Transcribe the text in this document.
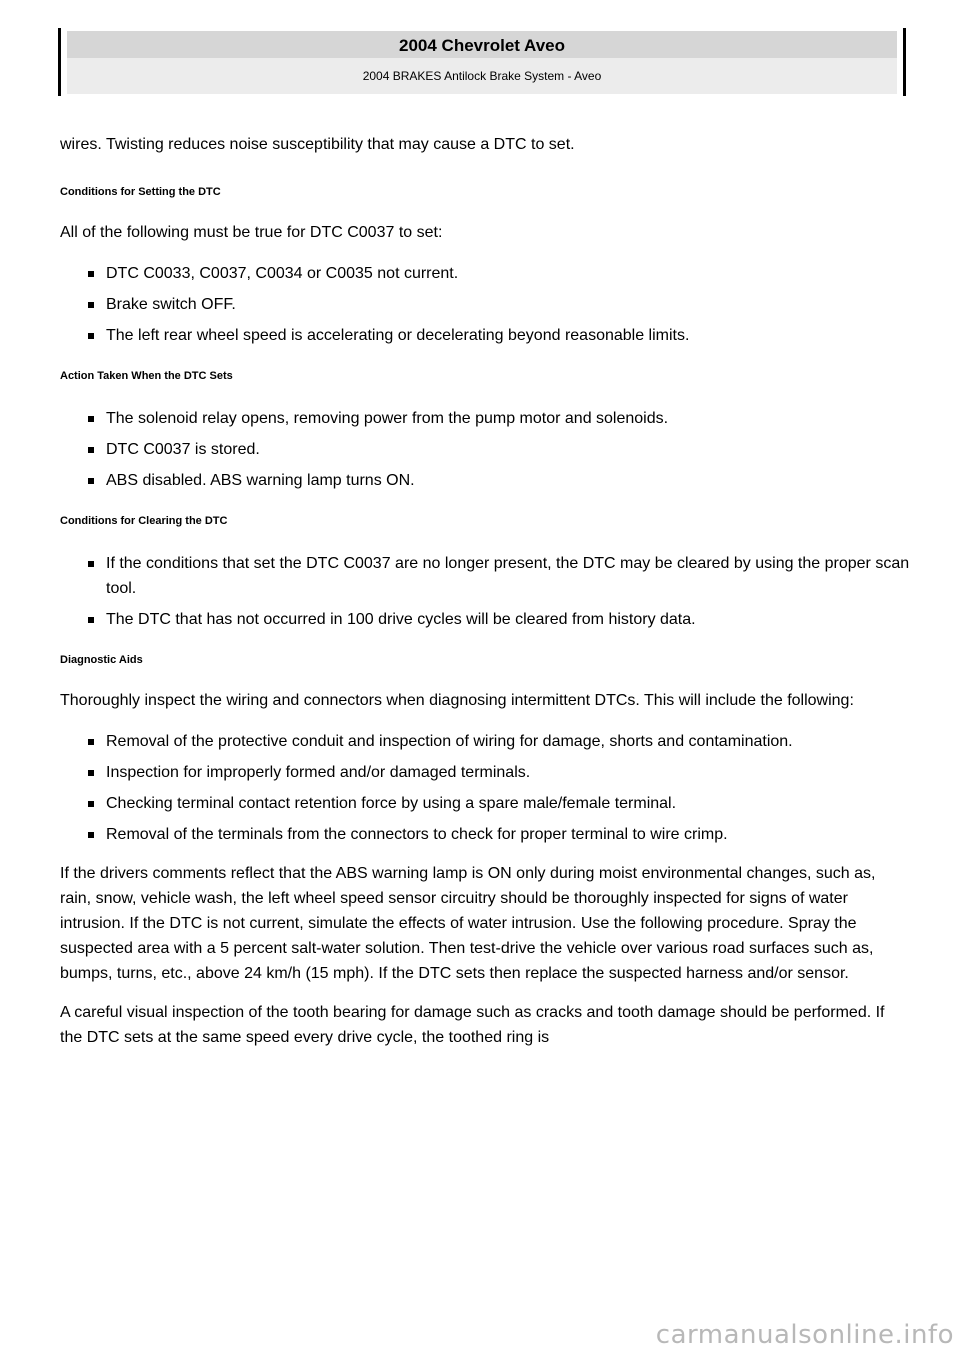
2004 Chevrolet Aveo
2004 BRAKES Antilock Brake System - Aveo

wires. Twisting reduces noise susceptibility that may cause a DTC to set.

Conditions for Setting the DTC

All of the following must be true for DTC C0037 to set:

DTC C0033, C0037, C0034 or C0035 not current.
Brake switch OFF.
The left rear wheel speed is accelerating or decelerating beyond reasonable limits.

Action Taken When the DTC Sets

The solenoid relay opens, removing power from the pump motor and solenoids.
DTC C0037 is stored.
ABS disabled. ABS warning lamp turns ON.

Conditions for Clearing the DTC

If the conditions that set the DTC C0037 are no longer present, the DTC may be cleared by using the proper scan tool.
The DTC that has not occurred in 100 drive cycles will be cleared from history data.

Diagnostic Aids

Thoroughly inspect the wiring and connectors when diagnosing intermittent DTCs. This will include the following:

Removal of the protective conduit and inspection of wiring for damage, shorts and contamination.
Inspection for improperly formed and/or damaged terminals.
Checking terminal contact retention force by using a spare male/female terminal.
Removal of the terminals from the connectors to check for proper terminal to wire crimp.

If the drivers comments reflect that the ABS warning lamp is ON only during moist environmental changes, such as, rain, snow, vehicle wash, the left wheel speed sensor circuitry should be thoroughly inspected for signs of water intrusion. If the DTC is not current, simulate the effects of water intrusion. Use the following procedure. Spray the suspected area with a 5 percent salt-water solution. Then test-drive the vehicle over various road surfaces such as, bumps, turns, etc., above 24 km/h (15 mph). If the DTC sets then replace the suspected harness and/or sensor.

A careful visual inspection of the tooth bearing for damage such as cracks and tooth damage should be performed. If the DTC sets at the same speed every drive cycle, the toothed ring is

carmanualsonline.info
